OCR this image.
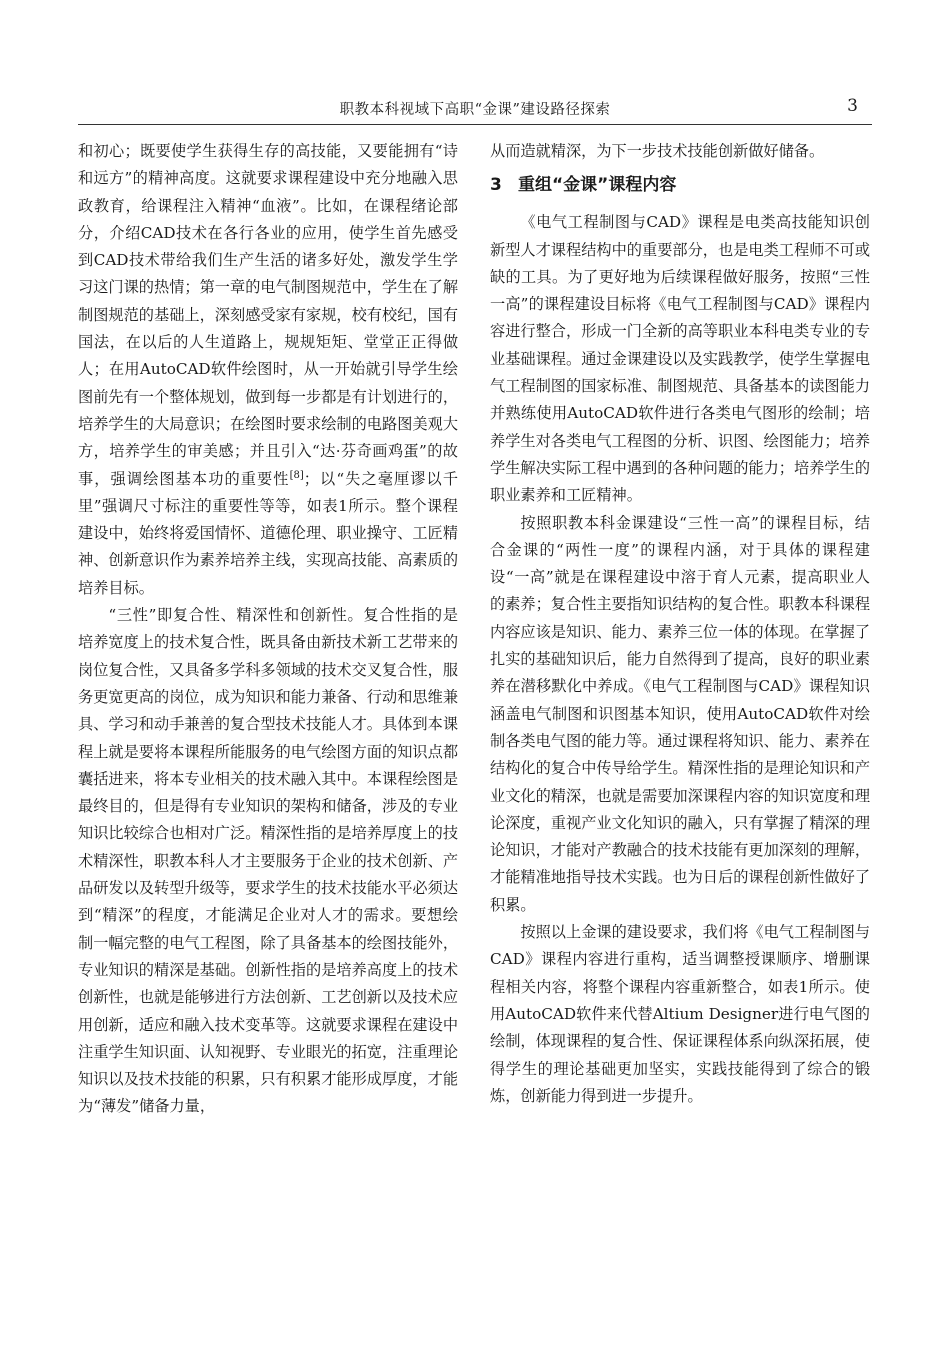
职教本科视域下高职“金课”建设路径探索	3

和初心；既要使学生获得生存的高技能，又要能拥有“诗和远方”的精神高度。这就要求课程建设中充分地融入思政教育，给课程注入精神“血液”。比如，在课程绪论部分，介绍CAD技术在各行各业的应用，使学生首先感受到CAD技术带给我们生产生活的诸多好处，激发学生学习这门课的热情；第一章的电气制图规范中，学生在了解制图规范的基础上，深刻感受家有家规，校有校纪，国有国法，在以后的人生道路上，规规矩矩、堂堂正正得做人；在用AutoCAD软件绘图时，从一开始就引导学生绘图前先有一个整体规划，做到每一步都是有计划进行的，培养学生的大局意识；在绘图时要求绘制的电路图美观大方，培养学生的审美感；并且引入“达·芬奇画鸡蛋”的故事，强调绘图基本功的重要性[8]；以“失之毫厘谬以千里”强调尺寸标注的重要性等等，如表1所示。整个课程建设中，始终将爱国情怀、道德伦理、职业操守、工匠精神、创新意识作为素养培养主线，实现高技能、高素质的培养目标。

“三性”即复合性、精深性和创新性。复合性指的是培养宽度上的技术复合性，既具备由新技术新工艺带来的岗位复合性，又具备多学科多领域的技术交叉复合性，服务更宽更高的岗位，成为知识和能力兼备、行动和思维兼具、学习和动手兼善的复合型技术技能人才。具体到本课程上就是要将本课程所能服务的电气绘图方面的知识点都囊括进来，将本专业相关的技术融入其中。本课程绘图是最终目的，但是得有专业知识的架构和储备，涉及的专业知识比较综合也相对广泛。精深性指的是培养厚度上的技术精深性，职教本科人才主要服务于企业的技术创新、产品研发以及转型升级等，要求学生的技术技能水平必须达到“精深”的程度，才能满足企业对人才的需求。要想绘制一幅完整的电气工程图，除了具备基本的绘图技能外，专业知识的精深是基础。创新性指的是培养高度上的技术创新性，也就是能够进行方法创新、工艺创新以及技术应用创新，适应和融入技术变革等。这就要求课程在建设中注重学生知识面、认知视野、专业眼光的拓宽，注重理论知识以及技术技能的积累，只有积累才能形成厚度，才能为“薄发”储备力量，

从而造就精深，为下一步技术技能创新做好储备。

3 重组“金课”课程内容

《电气工程制图与CAD》课程是电类高技能知识创新型人才课程结构中的重要部分，也是电类工程师不可或缺的工具。为了更好地为后续课程做好服务，按照“三性一高”的课程建设目标将《电气工程制图与CAD》课程内容进行整合，形成一门全新的高等职业本科电类专业的专业基础课程。通过金课建设以及实践教学，使学生掌握电气工程制图的国家标准、制图规范、具备基本的读图能力并熟练使用AutoCAD软件进行各类电气图形的绘制；培养学生对各类电气工程图的分析、识图、绘图能力；培养学生解决实际工程中遇到的各种问题的能力；培养学生的职业素养和工匠精神。

按照职教本科金课建设“三性一高”的课程目标，结合金课的“两性一度”的课程内涵，对于具体的课程建设“一高”就是在课程建设中溶于育人元素，提高职业人的素养；复合性主要指知识结构的复合性。职教本科课程内容应该是知识、能力、素养三位一体的体现。在掌握了扎实的基础知识后，能力自然得到了提高，良好的职业素养在潜移默化中养成。《电气工程制图与CAD》课程知识涵盖电气制图和识图基本知识，使用AutoCAD软件对绘制各类电气图的能力等。通过课程将知识、能力、素养在结构化的复合中传导给学生。精深性指的是理论知识和产业文化的精深，也就是需要加深课程内容的知识宽度和理论深度，重视产业文化知识的融入，只有掌握了精深的理论知识，才能对产教融合的技术技能有更加深刻的理解，才能精准地指导技术实践。也为日后的课程创新性做好了积累。

按照以上金课的建设要求，我们将《电气工程制图与CAD》课程内容进行重构，适当调整授课顺序、增删课程相关内容，将整个课程内容重新整合，如表1所示。使用AutoCAD软件来代替Altium Designer进行电气图的绘制，体现课程的复合性、保证课程体系向纵深拓展，使得学生的理论基础更加坚实，实践技能得到了综合的锻炼，创新能力得到进一步提升。
